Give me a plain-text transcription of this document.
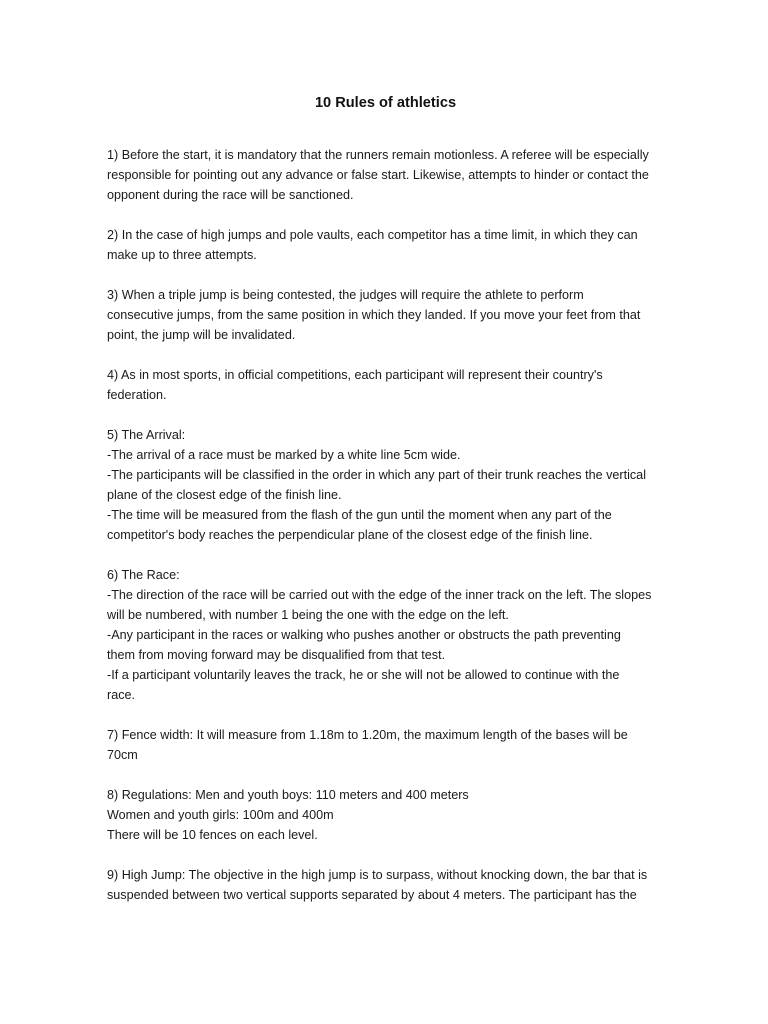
10 Rules of athletics
1) Before the start, it is mandatory that the runners remain motionless. A referee will be especially
responsible for pointing out any advance or false start. Likewise, attempts to hinder or contact the
opponent during the race will be sanctioned.
2) In the case of high jumps and pole vaults, each competitor has a time limit, in which they can
make up to three attempts.
3) When a triple jump is being contested, the judges will require the athlete to perform
consecutive jumps, from the same position in which they landed. If you move your feet from that
point, the jump will be invalidated.
4) As in most sports, in official competitions, each participant will represent their country's
federation.
5) The Arrival:
-The arrival of a race must be marked by a white line 5cm wide.
-The participants will be classified in the order in which any part of their trunk reaches the vertical
plane of the closest edge of the finish line.
-The time will be measured from the flash of the gun until the moment when any part of the
competitor's body reaches the perpendicular plane of the closest edge of the finish line.
6) The Race:
-The direction of the race will be carried out with the edge of the inner track on the left. The slopes
will be numbered, with number 1 being the one with the edge on the left.
-Any participant in the races or walking who pushes another or obstructs the path preventing
them from moving forward may be disqualified from that test.
-If a participant voluntarily leaves the track, he or she will not be allowed to continue with the
race.
7) Fence width: It will measure from 1.18m to 1.20m, the maximum length of the bases will be
70cm
8) Regulations: Men and youth boys: 110 meters and 400 meters
Women and youth girls: 100m and 400m
There will be 10 fences on each level.
9) High Jump: The objective in the high jump is to surpass, without knocking down, the bar that is
suspended between two vertical supports separated by about 4 meters. The participant has the
